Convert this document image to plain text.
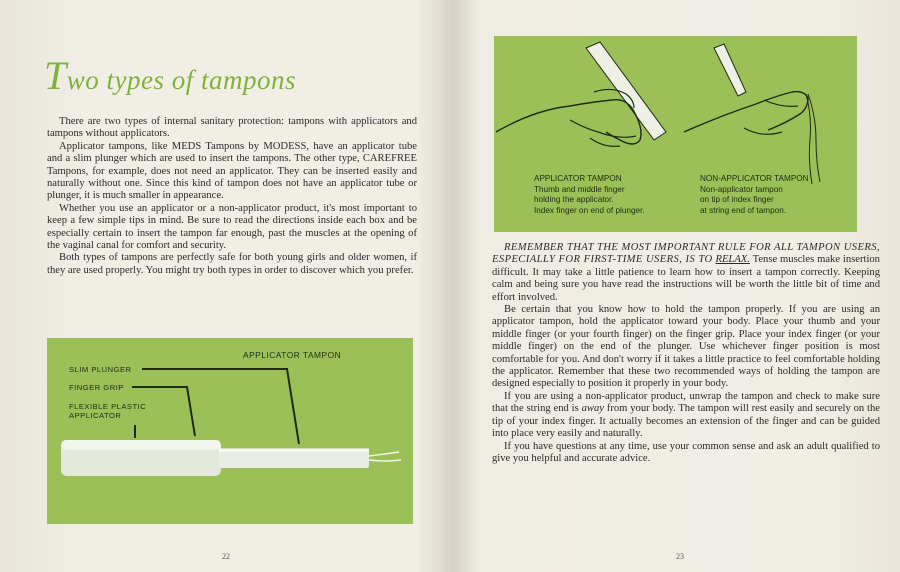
Two types of tampons

There are two types of internal sanitary protection: tampons with applicators and tampons without applicators.

Applicator tampons, like MEDS Tampons by MODESS, have an applicator tube and a slim plunger which are used to insert the tampons. The other type, CAREFREE Tampons, for example, does not need an applicator. They can be inserted easily and naturally without one. Since this kind of tampon does not have an applicator tube or plunger, it is much smaller in appearance.

Whether you use an applicator or a non-applicator product, it's most important to keep a few simple tips in mind. Be sure to read the directions inside each box and be especially certain to insert the tampon far enough, past the muscles at the opening of the vaginal canal for comfort and security.

Both types of tampons are perfectly safe for both young girls and older women, if they are used properly. You might try both types in order to discover which you prefer.

APPLICATOR TAMPON
SLIM PLUNGER
FINGER GRIP
FLEXIBLE PLASTIC
APPLICATOR
22
APPLICATOR TAMPON
Thumb and middle finger
holding the applicator.
Index finger on end of plunger.
NON-APPLICATOR TAMPON
Non-applicator tampon
on tip of index finger
at string end of tampon.

REMEMBER THAT THE MOST IMPORTANT RULE FOR ALL TAMPON USERS, ESPECIALLY FOR FIRST-TIME USERS, IS TO RELAX. Tense muscles make insertion difficult. It may take a little patience to learn how to insert a tampon correctly. Keeping calm and being sure you have read the instructions will be worth the little bit of time and effort involved.

Be certain that you know how to hold the tampon properly. If you are using an applicator tampon, hold the applicator toward your body. Place your thumb and your middle finger (or your fourth finger) on the finger grip. Place your index finger (or your middle finger) on the end of the plunger. Use whichever finger position is most comfortable for you. And don't worry if it takes a little practice to feel comfortable holding the applicator. Remember that these two recommended ways of holding the tampon are designed especially to position it properly in your body.

If you are using a non-applicator product, unwrap the tampon and check to make sure that the string end is away from your body. The tampon will rest easily and securely on the tip of your index finger. It actually becomes an extension of the finger and can be guided into place very easily and naturally.

If you have questions at any time, use your common sense and ask an adult qualified to give you helpful and accurate advice.

23
